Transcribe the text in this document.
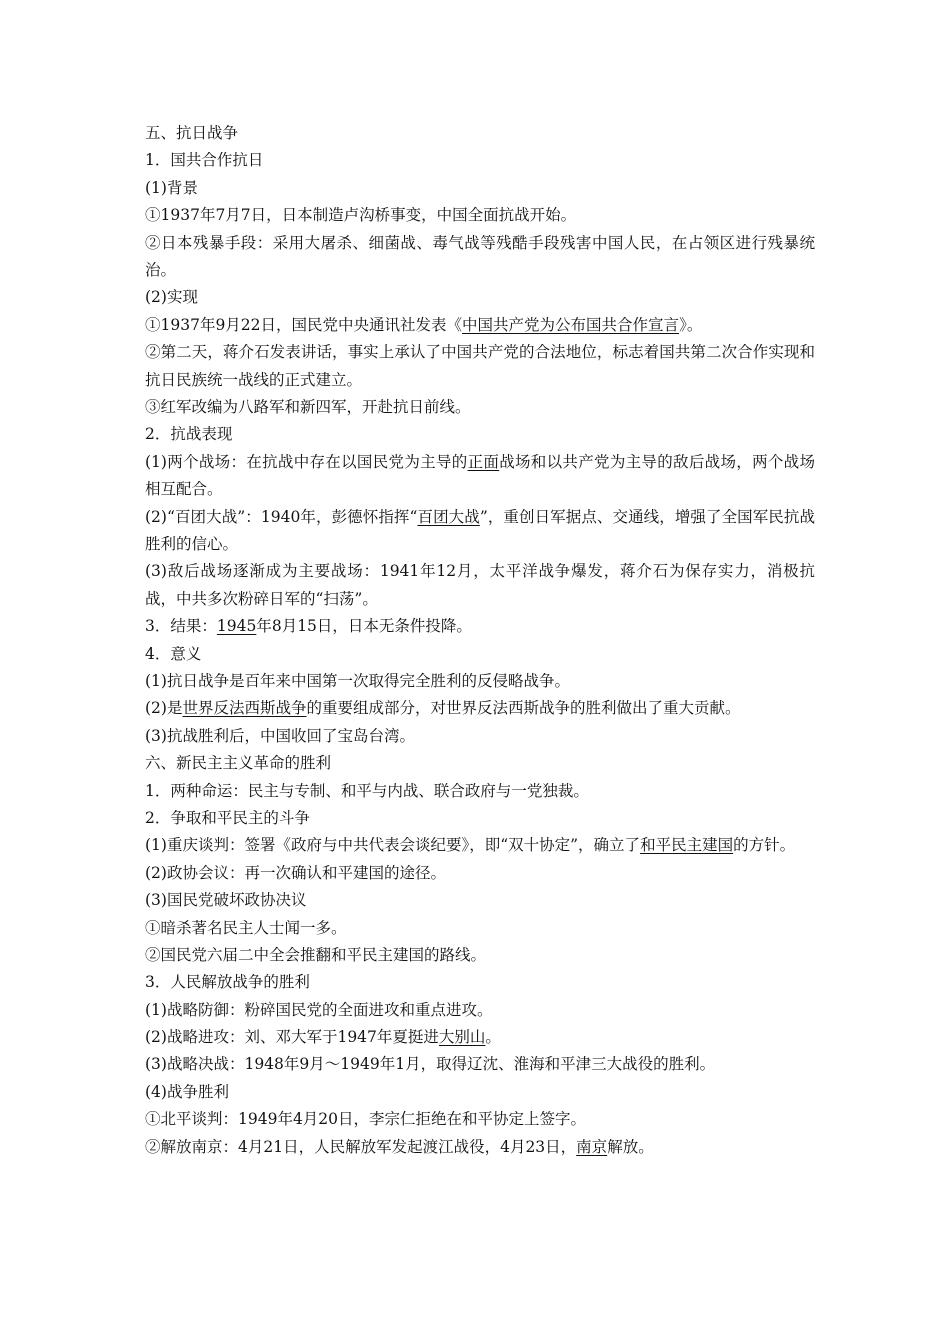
五、抗日战争
1．国共合作抗日
(1)背景
①1937年7月7日，日本制造卢沟桥事变，中国全面抗战开始。
②日本残暴手段：采用大屠杀、细菌战、毒气战等残酷手段残害中国人民，在占领区进行残暴统治。
(2)实现
①1937年9月22日，国民党中央通讯社发表《中国共产党为公布国共合作宣言》。
②第二天，蒋介石发表讲话，事实上承认了中国共产党的合法地位，标志着国共第二次合作实现和抗日民族统一战线的正式建立。
③红军改编为八路军和新四军，开赴抗日前线。
2．抗战表现
(1)两个战场：在抗战中存在以国民党为主导的正面战场和以共产党为主导的敌后战场，两个战场相互配合。
(2)“百团大战”：1940年，彭德怀指挥“百团大战”，重创日军据点、交通线，增强了全国军民抗战胜利的信心。
(3)敌后战场逐渐成为主要战场：1941年12月，太平洋战争爆发，蒋介石为保存实力，消极抗战，中共多次粉碎日军的“扫荡”。
3．结果：1945年8月15日，日本无条件投降。
4．意义
(1)抗日战争是百年来中国第一次取得完全胜利的反侵略战争。
(2)是世界反法西斯战争的重要组成部分，对世界反法西斯战争的胜利做出了重大贡献。
(3)抗战胜利后，中国收回了宝岛台湾。
六、新民主主义革命的胜利
1．两种命运：民主与专制、和平与内战、联合政府与一党独裁。
2．争取和平民主的斗争
(1)重庆谈判：签署《政府与中共代表会谈纪要》，即“双十协定”，确立了和平民主建国的方针。
(2)政协会议：再一次确认和平建国的途径。
(3)国民党破坏政协决议
①暗杀著名民主人士闻一多。
②国民党六届二中全会推翻和平民主建国的路线。
3．人民解放战争的胜利
(1)战略防御：粉碎国民党的全面进攻和重点进攻。
(2)战略进攻：刘、邓大军于1947年夏挺进大别山。
(3)战略决战：1948年9月～1949年1月，取得辽沈、淮海和平津三大战役的胜利。
(4)战争胜利
①北平谈判：1949年4月20日，李宗仁拒绝在和平协定上签字。
②解放南京：4月21日，人民解放军发起渡江战役，4月23日，南京解放。
